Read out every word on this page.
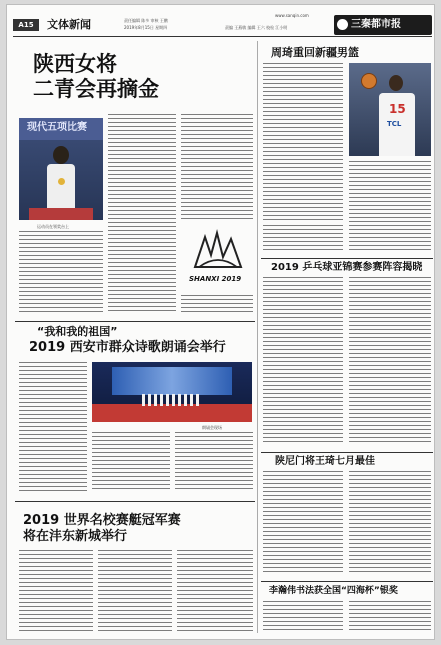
A15	文体新闻	责任编辑 陈多 审核 王鹏
2019年8月15日 星期四	责编 王燕敏 编辑 王六 校检 江小明
www.sanqin.com
三秦都市报
陕西女将
二青会再摘金
现代五项比赛
运动员在领奖台上
SHANXI 2019
“我和我的祖国”
2019 西安市群众诗歌朗诵会举行
朗诵会现场
2019 世界名校赛艇冠军赛
将在沣东新城举行
周琦重回新疆男篮
15
TCL
2019 乒乓球亚锦赛参赛阵容揭晓
陕尼门将王琦七月最佳
李瀚伟书法获全国“四海杯”银奖
